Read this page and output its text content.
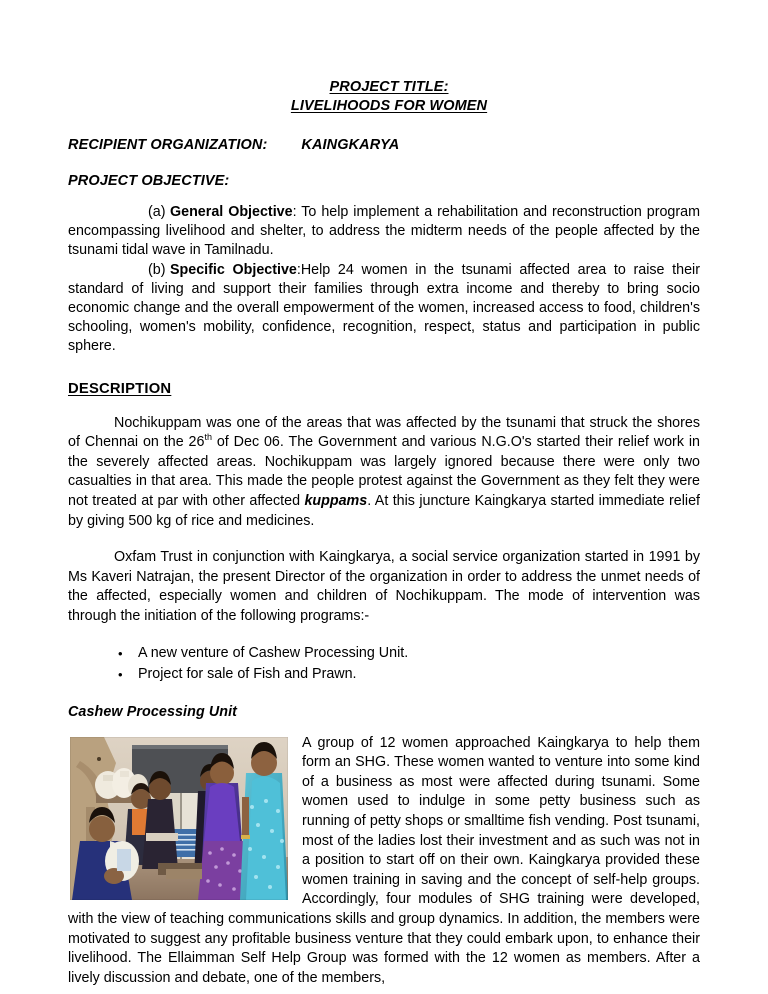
PROJECT TITLE:
LIVELIHOODS FOR WOMEN
RECIPIENT ORGANIZATION: KAINGKARYA
PROJECT OBJECTIVE:

(a) General Objective: To help implement a rehabilitation and reconstruction program encompassing livelihood and shelter, to address the midterm needs of the people affected by the tsunami tidal wave in Tamilnadu.

(b) Specific Objective:Help 24 women in the tsunami affected area to raise their standard of living and support their families through extra income and thereby to bring socio economic change and the overall empowerment of the women, increased access to food, children's schooling, women's mobility, confidence, recognition, respect, status and participation in public sphere.

DESCRIPTION

Nochikuppam was one of the areas that was affected by the tsunami that struck the shores of Chennai on the 26th of Dec 06. The Government and various N.G.O's started their relief work in the severely affected areas. Nochikuppam was largely ignored because there were only two casualties in that area. This made the people protest against the Government as they felt they were not treated at par with other affected kuppams. At this juncture Kaingkarya started immediate relief by giving 500 kg of rice and medicines.

Oxfam Trust in conjunction with Kaingkarya, a social service organization started in 1991 by Ms Kaveri Natrajan, the present Director of the organization in order to address the unmet needs of the affected, especially women and children of Nochikuppam. The mode of intervention was through the initiation of the following programs:-

• A new venture of Cashew Processing Unit.
• Project for sale of Fish and Prawn.
Cashew Processing Unit
A group of 12 women approached Kaingkarya to help them form an SHG. These women wanted to venture into some kind of a business as most were affected during tsunami. Some women used to indulge in some petty business such as running of petty shops or smalltime fish vending. Post tsunami, most of the ladies lost their investment and as such was not in a position to start off on their own. Kaingkarya provided these women training in saving and the concept of self-help groups. Accordingly, four modules of SHG training were developed, with the view of teaching communications skills and group dynamics. In addition, the members were motivated to suggest any profitable business venture that they could embark upon, to enhance their livelihood. The Ellaimman Self Help Group was formed with the 12 women as members. After a lively discussion and debate, one of the members,
